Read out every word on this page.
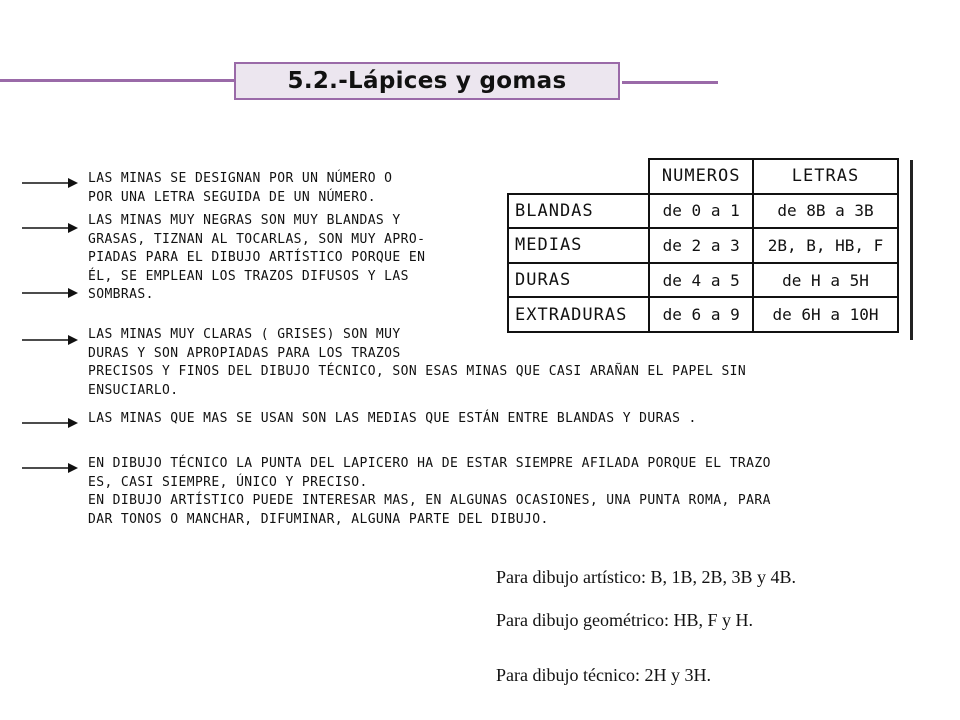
5.2.-Lápices y gomas
LAS MINAS SE DESIGNAN POR UN NÚMERO O
POR UNA LETRA SEGUIDA DE UN NÚMERO.
LAS MINAS MUY NEGRAS SON MUY BLANDAS Y
GRASAS, TIZNAN AL TOCARLAS, SON MUY APRO-
PIADAS PARA EL DIBUJO ARTÍSTICO PORQUE EN
ÉL, SE EMPLEAN LOS TRAZOS DIFUSOS Y LAS
SOMBRAS.
LAS MINAS MUY CLARAS ( GRISES) SON MUY
DURAS Y SON APROPIADAS PARA LOS TRAZOS
PRECISOS Y FINOS DEL DIBUJO TÉCNICO, SON ESAS MINAS QUE CASI ARAÑAN EL PAPEL SIN
ENSUCIARLO.
LAS MINAS QUE MAS SE USAN SON LAS MEDIAS QUE ESTÁN ENTRE BLANDAS Y DURAS .
EN DIBUJO TÉCNICO LA PUNTA DEL LAPICERO HA DE ESTAR SIEMPRE AFILADA PORQUE EL TRAZO
ES, CASI SIEMPRE, ÚNICO Y PRECISO.
EN DIBUJO ARTÍSTICO PUEDE INTERESAR MAS, EN ALGUNAS OCASIONES, UNA PUNTA ROMA, PARA
DAR TONOS O MANCHAR, DIFUMINAR, ALGUNA PARTE DEL DIBUJO.
	NUMEROS	LETRAS
BLANDAS	de 0 a 1	de 8B a 3B
MEDIAS	de 2 a 3	2B, B, HB, F
DURAS	de 4 a 5	de H a 5H
EXTRADURAS	de 6 a 9	de 6H a 10H
Para dibujo artístico: B, 1B, 2B, 3B y 4B.
Para dibujo geométrico: HB, F y H.
Para dibujo técnico: 2H y 3H.
